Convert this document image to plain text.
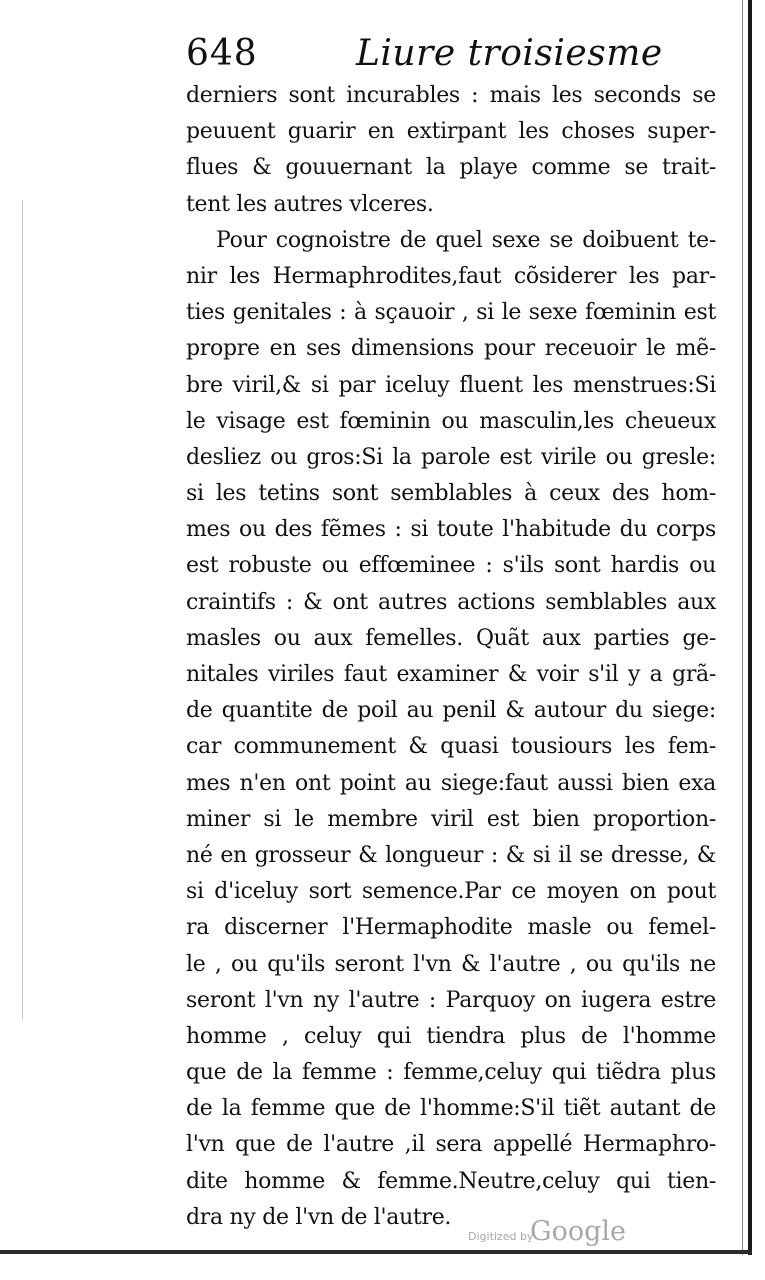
648	Liure troisiesme
derniers sont incurables : mais les seconds se
peuuent guarir en extirpant les choses super-
flues & gouuernant la playe comme se trait-
tent les autres vlceres.
Pour cognoistre de quel sexe se doibuent te-
nir les Hermaphrodites,faut cõsiderer les par-
ties genitales : à sçauoir , si le sexe fœminin est
propre en ses dimensions pour receuoir le mẽ-
bre viril,& si par iceluy fluent les menstrues:Si
le visage est fœminin ou masculin,les cheueux
desliez ou gros:Si la parole est virile ou gresle:
si les tetins sont semblables à ceux des hom-
mes ou des fẽmes : si toute l'habitude du corps
est robuste ou effœminee : s'ils sont hardis ou
craintifs : & ont autres actions semblables aux
masles ou aux femelles. Quãt aux parties ge-
nitales viriles faut examiner & voir s'il y a grã-
de quantite de poil au penil & autour du siege:
car communement & quasi tousiours les fem-
mes n'en ont point au siege:faut aussi bien exa
miner si le membre viril est bien proportion-
né en grosseur & longueur : & si il se dresse, &
si d'iceluy sort semence.Par ce moyen on pout
ra discerner l'Hermaphodite masle ou femel-
le , ou qu'ils seront l'vn & l'autre , ou qu'ils ne
seront l'vn ny l'autre : Parquoy on iugera estre
homme , celuy qui tiendra plus de l'homme
que de la femme : femme,celuy qui tiẽdra plus
de la femme que de l'homme:S'il tiẽt autant de
l'vn que de l'autre ,il sera appellé Hermaphro-
dite homme & femme.Neutre,celuy qui tien-
dra ny de l'vn de l'autre.
Digitized by
Google
